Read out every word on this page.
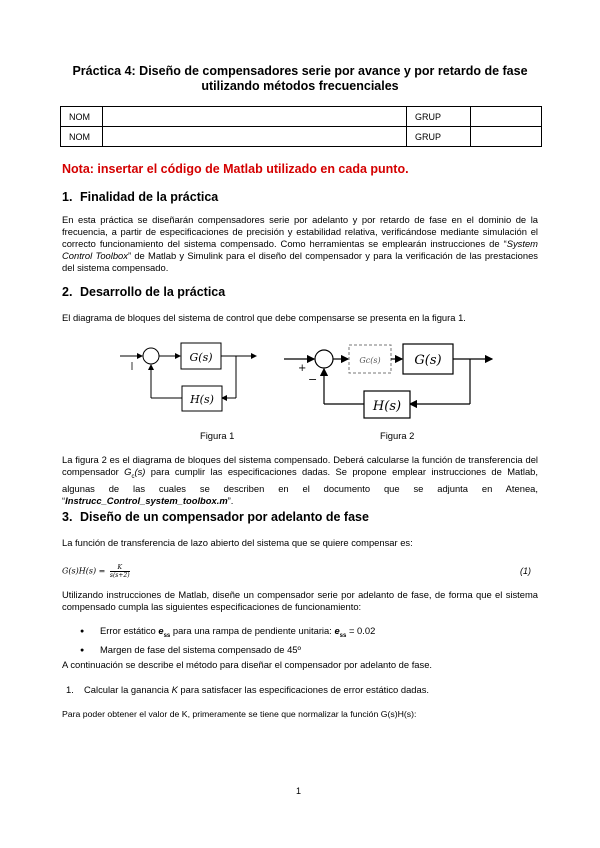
Práctica 4: Diseño de compensadores serie por avance y por retardo de fase
utilizando métodos frecuenciales
NOM		GRUP	
NOM		GRUP	
Nota: insertar el código de Matlab utilizado en cada punto.
1. Finalidad de la práctica
En esta práctica se diseñarán compensadores serie por adelanto y por retardo de fase en el dominio de la frecuencia, a partir de especificaciones de precisión y estabilidad relativa, verificándose mediante simulación el correcto funcionamiento del sistema compensado. Como herramientas se emplearán instrucciones de “System Control Toolbox” de Matlab y Simulink para el diseño del compensador y para la verificación de las prestaciones del sistema compensado.
2. Desarrollo de la práctica
El diagrama de bloques del sistema de control que debe compensarse se presenta en la figura 1.
G(s)
H(s)
Figura 1
+
−
Gc(s)	G(s)
H(s)
Figura 2
La figura 2 es el diagrama de bloques del sistema compensado. Deberá calcularse la función de transferencia del compensador $G_c(s)$ para cumplir las especificaciones dadas. Se propone emplear instrucciones de Matlab, algunas de las cuales se describen en el documento que se adjunta en Atenea, “Instrucc_Control_system_toolbox.m”.
3. Diseño de un compensador por adelanto de fase
La función de transferencia de lazo abierto del sistema que se quiere compensar es:
$G(s)H(s) = \frac{K}{s(s+2)}$	(1)
Utilizando instrucciones de Matlab, diseñe un compensador serie por adelanto de fase, de forma que el sistema compensado cumpla las siguientes especificaciones de funcionamiento:
● Error estático $e_{ss}$ para una rampa de pendiente unitaria: $e_{ss} = 0.02$
● Margen de fase del sistema compensado de 45º
A continuación se describe el método para diseñar el compensador por adelanto de fase.
1. Calcular la ganancia K para satisfacer las especificaciones de error estático dadas.
Para poder obtener el valor de K, primeramente se tiene que normalizar la función G(s)H(s):
1
